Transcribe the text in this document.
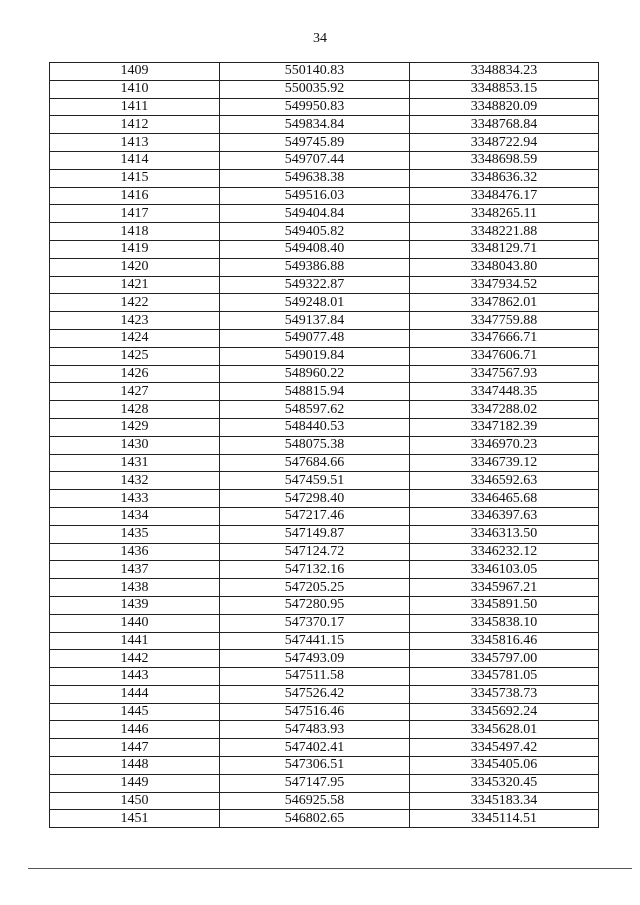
34
1409	550140.83	3348834.23
1410	550035.92	3348853.15
1411	549950.83	3348820.09
1412	549834.84	3348768.84
1413	549745.89	3348722.94
1414	549707.44	3348698.59
1415	549638.38	3348636.32
1416	549516.03	3348476.17
1417	549404.84	3348265.11
1418	549405.82	3348221.88
1419	549408.40	3348129.71
1420	549386.88	3348043.80
1421	549322.87	3347934.52
1422	549248.01	3347862.01
1423	549137.84	3347759.88
1424	549077.48	3347666.71
1425	549019.84	3347606.71
1426	548960.22	3347567.93
1427	548815.94	3347448.35
1428	548597.62	3347288.02
1429	548440.53	3347182.39
1430	548075.38	3346970.23
1431	547684.66	3346739.12
1432	547459.51	3346592.63
1433	547298.40	3346465.68
1434	547217.46	3346397.63
1435	547149.87	3346313.50
1436	547124.72	3346232.12
1437	547132.16	3346103.05
1438	547205.25	3345967.21
1439	547280.95	3345891.50
1440	547370.17	3345838.10
1441	547441.15	3345816.46
1442	547493.09	3345797.00
1443	547511.58	3345781.05
1444	547526.42	3345738.73
1445	547516.46	3345692.24
1446	547483.93	3345628.01
1447	547402.41	3345497.42
1448	547306.51	3345405.06
1449	547147.95	3345320.45
1450	546925.58	3345183.34
1451	546802.65	3345114.51
